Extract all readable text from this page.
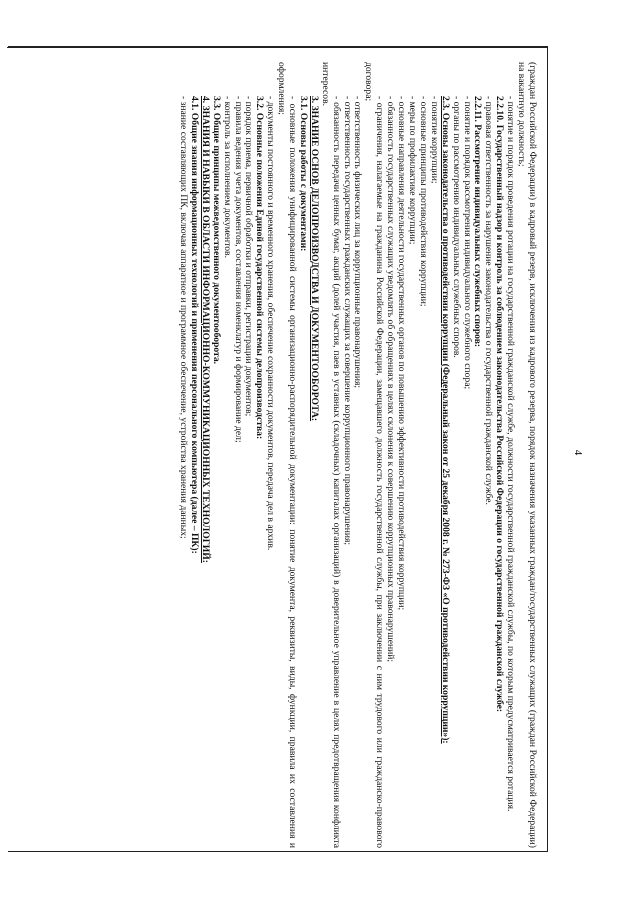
4
(граждан Российской Федерации) в кадровый резерв, исключения из кадрового резерва, порядок назначения указанных граждан/государственных служащих (граждан Российской Федерации) на вакантную должность;
- понятие и порядок проведения ротации на государственной гражданской службе, должности государственной гражданской службы, по которым предусматривается ротация.
2.2.10. Государственный надзор и контроль за соблюдением законодательства Российской Федерации о государственной гражданской службе:
- правовая ответственность за нарушение законодательства о государственной гражданской службе.
2.2.11. Рассмотрение индивидуальных служебных споров:
- понятие и порядок рассмотрения индивидуального служебного спора;
- органы по рассмотрению индивидуальных служебных споров.
2.3. Основы законодательства о противодействии коррупции (Федеральный закон от 25 декабря 2008 г. № 273-ФЗ «О противодействии коррупции»):
- понятие коррупции;
- основные принципы противодействия коррупции;
- меры по профилактике коррупции;
- основные направления деятельности государственных органов по повышению эффективности противодействия коррупции;
- обязанность государственных служащих уведомлять об обращениях в целях склонения к совершению коррупционных правонарушений;
- ограничения, налагаемые на гражданина Российской Федерации, замещавшего должность государственной службы, при заключении с ним трудового или гражданско-правового договора;
- ответственность физических лиц за коррупционные правонарушения;
- ответственность государственных гражданских служащих за совершение коррупционного правонарушения;
- обязанность передачи ценных бумаг, акций (долей участия, паев в уставных (складочных) капиталах организаций) в доверительное управление в целях предотвращения конфликта интересов.
3. ЗНАНИЕ ОСНОВ ДЕЛОПРОИЗВОДСТВА И ДОКУМЕНТООБОРОТА:
3.1. Основы работы с документами:
- основные положения унифицированной системы организационно-распорядительной документации: понятие документа, реквизиты, виды, функции, правила их составления и оформления;
- документы постоянного и временного хранения, обеспечение сохранности документов, передача дел в архив.
3.2. Основные положения Единой государственной системы делопроизводства:
- порядок приема, первичной обработки и отправки, регистрации документов;
- правила ведения учета документов, составления номенклатур и формирование дел;
- контроль за исполнением документов.
3.3. Общие принципы межведомственного документооборота.
4. ЗНАНИЯ И НАВЫКИ В ОБЛАСТИ ИНФОРМАЦИОННО-КОММУНИКАЦИОННЫХ ТЕХНОЛОГИЙ:
4.1. Общие знания информационных технологий и применения персонального компьютера (далее – ПК):
- знание составляющих ПК, включая аппаратное и программное обеспечение, устройства хранения данных;
